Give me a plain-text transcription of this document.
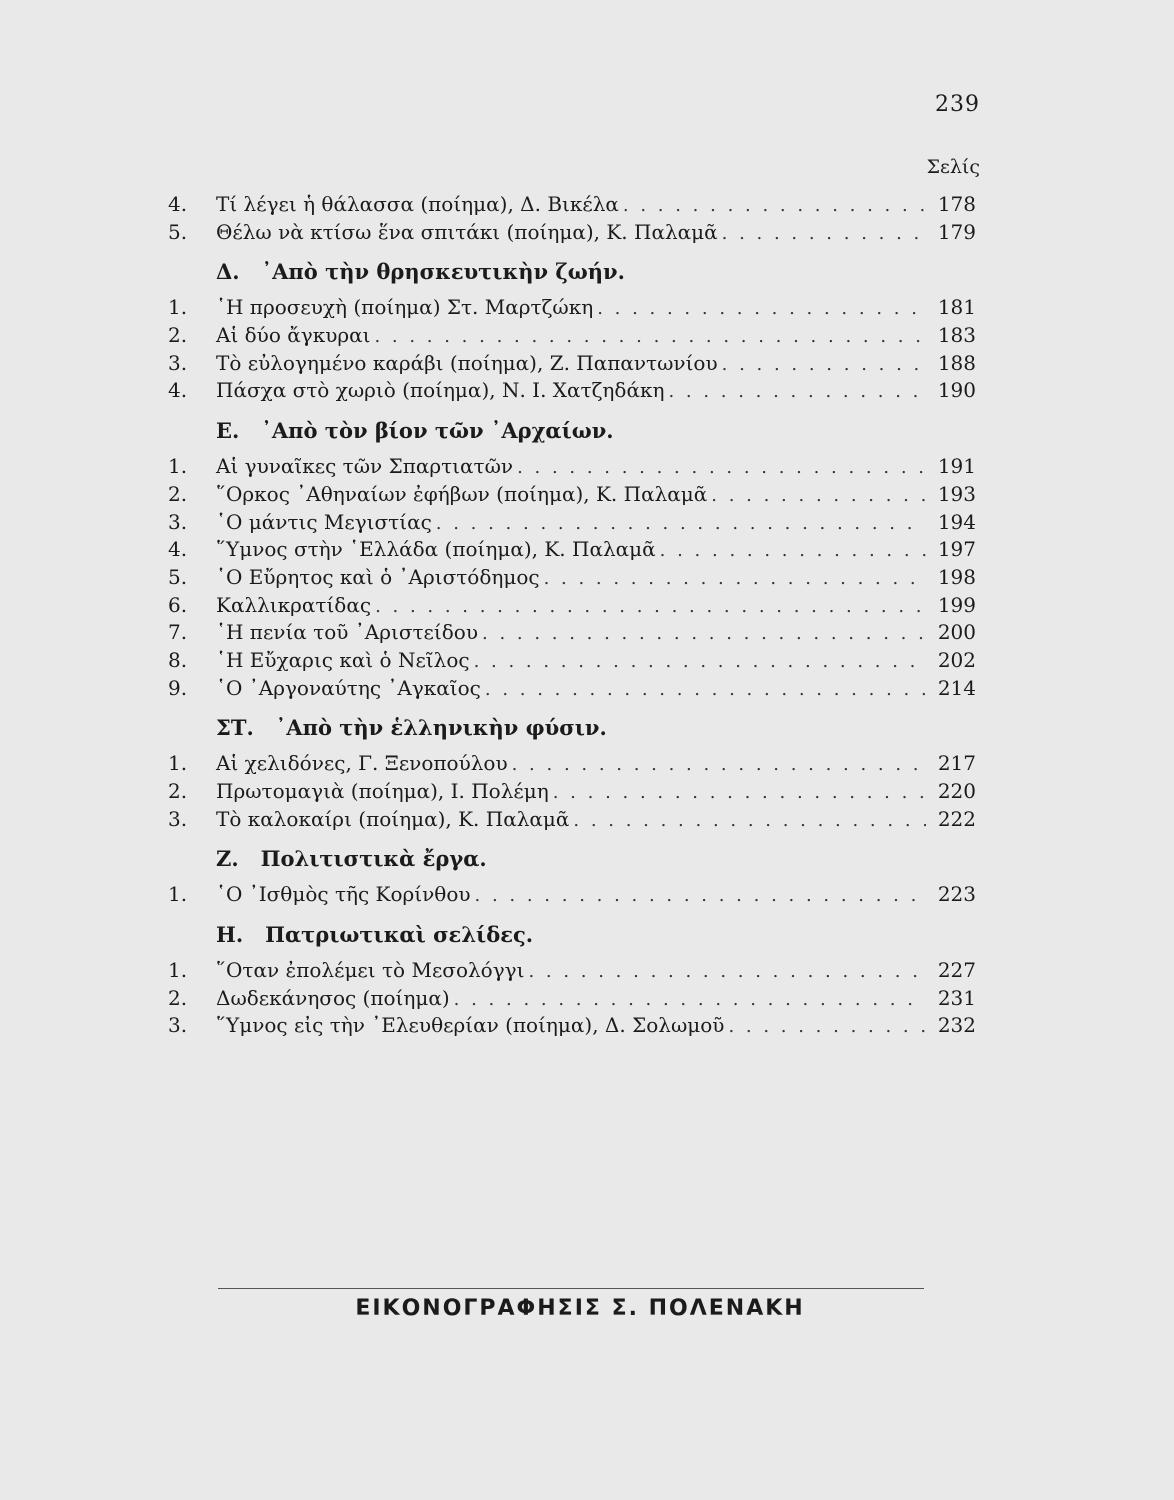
239
Σελίς
4.	Τί λέγει ἡ θάλασσα (ποίημα), Δ. Βικέλα . . .	178
5.	Θέλω νὰ κτίσω ἕνα σπιτάκι (ποίημα), Κ. Παλαμᾶ . . .	179
Δ. ᾿Απὸ τὴν θρησκευτικὴν ζωήν.
1.	῾Η προσευχὴ (ποίημα) Στ. Μαρτζώκη . . .	181
2.	Αἱ δύο ἄγκυραι . . .	183
3.	Τὸ εὐλογημένο καράβι (ποίημα), Ζ. Παπαντωνίου . . .	188
4.	Πάσχα στὸ χωριὸ (ποίημα), Ν. Ι. Χατζηδάκη . . .	190
Ε. ᾿Απὸ τὸν βίον τῶν ᾿Αρχαίων.
1.	Αἱ γυναῖκες τῶν Σπαρτιατῶν . . .	191
2.	῞Ορκος ᾿Αθηναίων ἐφήβων (ποίημα), Κ. Παλαμᾶ . . .	193
3.	῾Ο μάντις Μεγιστίας . . .	194
4.	῞Υμνος στὴν ῾Ελλάδα (ποίημα), Κ. Παλαμᾶ . . .	197
5.	῾Ο Εὔρητος καὶ ὁ ᾿Αριστόδημος . . .	198
6.	Καλλικρατίδας . . .	199
7.	῾Η πενία τοῦ ᾿Αριστείδου . . .	200
8.	῾Η Εὔχαρις καὶ ὁ Νεῖλος . . .	202
9.	῾Ο ᾿Αργοναύτης ᾿Αγκαῖος . . .	214
ΣΤ. ᾿Απὸ τὴν ἑλληνικὴν φύσιν.
1.	Αἱ χελιδόνες, Γ. Ξενοπούλου . . .	217
2.	Πρωτομαγιὰ (ποίημα), Ι. Πολέμη . . .	220
3.	Τὸ καλοκαίρι (ποίημα), Κ. Παλαμᾶ . . .	222
Ζ. Πολιτιστικὰ ἔργα.
1.	῾Ο ᾿Ισθμὸς τῆς Κορίνθου . . .	223
Η. Πατριωτικαὶ σελίδες.
1.	῞Οταν ἐπολέμει τὸ Μεσολόγγι . . .	227
2.	Δωδεκάνησος (ποίημα) . . .	231
3.	῞Υμνος εἰς τὴν ᾿Ελευθερίαν (ποίημα), Δ. Σολωμοῦ . . .	232
ΕΙΚΟΝΟΓΡΑΦΗΣΙΣ Σ. ΠΟΛΕΝΑΚΗ
